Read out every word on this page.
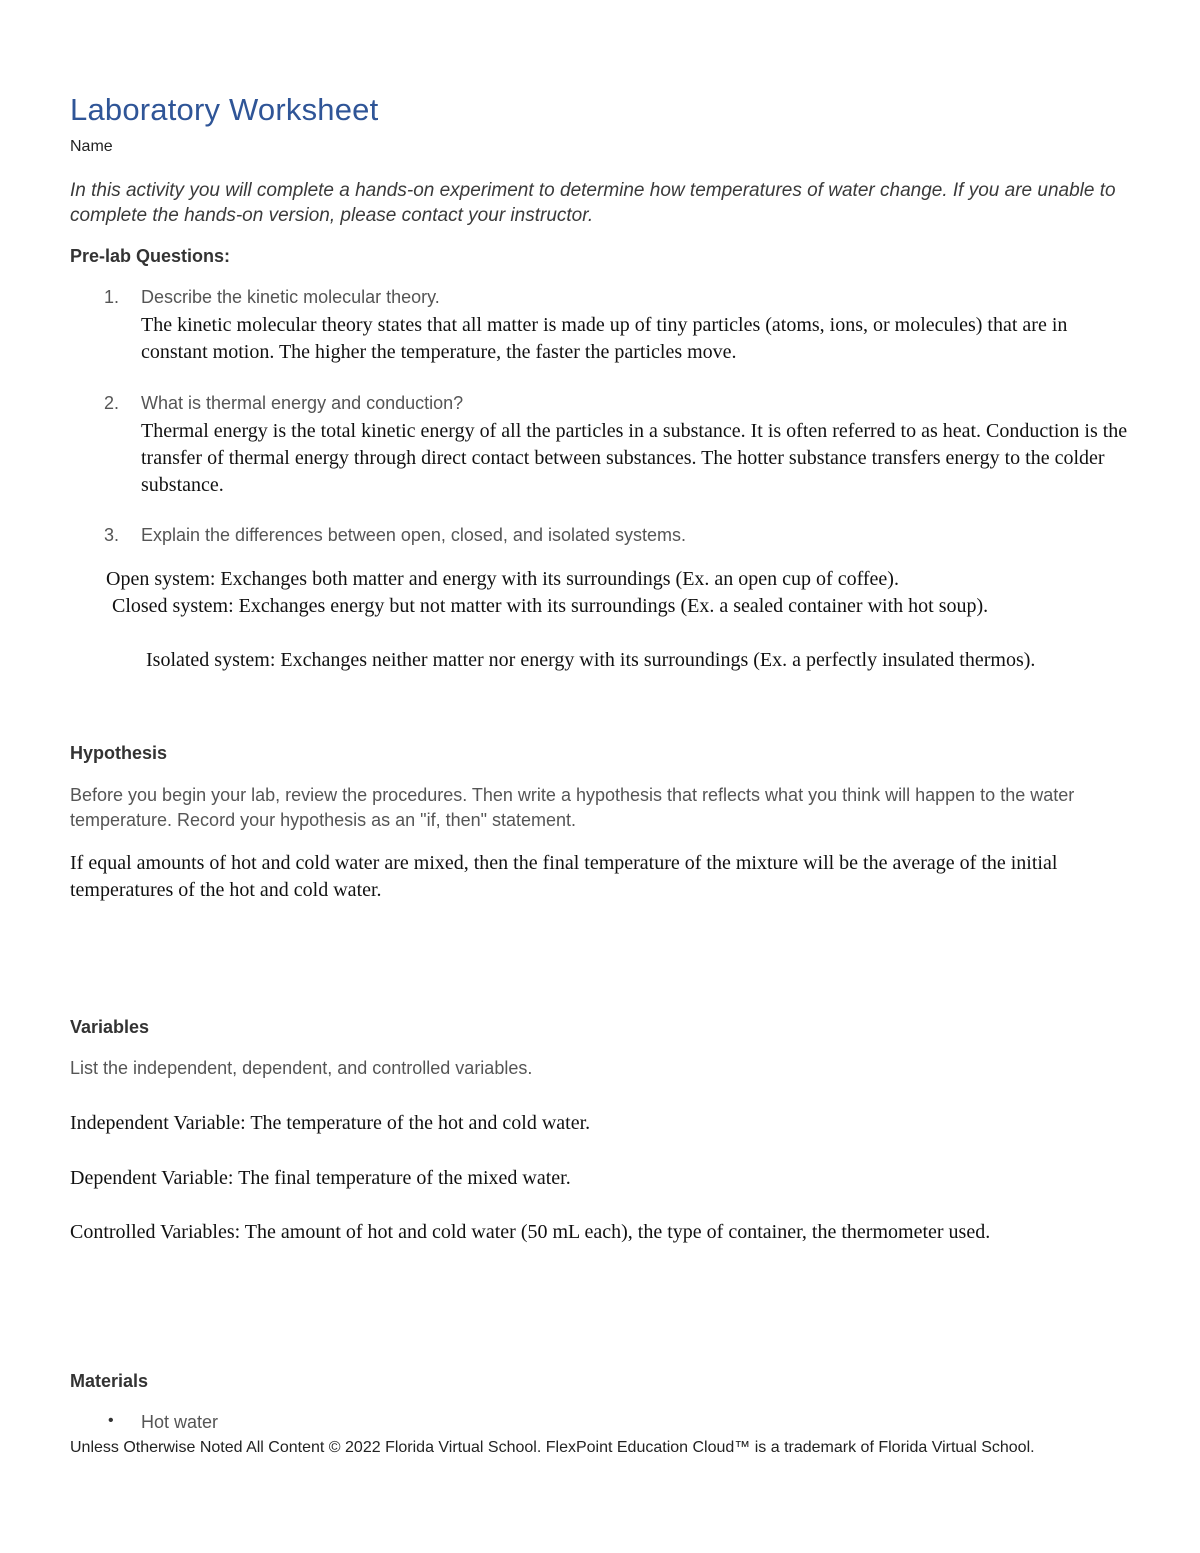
Laboratory Worksheet
Name
In this activity you will complete a hands-on experiment to determine how temperatures of water change. If you are unable to complete the hands-on version, please contact your instructor.
Pre-lab Questions:
1. Describe the kinetic molecular theory.
The kinetic molecular theory states that all matter is made up of tiny particles (atoms, ions, or molecules) that are in constant motion. The higher the temperature, the faster the particles move.
2. What is thermal energy and conduction?
Thermal energy is the total kinetic energy of all the particles in a substance. It is often referred to as heat. Conduction is the transfer of thermal energy through direct contact between substances. The hotter substance transfers energy to the colder substance.
3. Explain the differences between open, closed, and isolated systems.
Open system: Exchanges both matter and energy with its surroundings (Ex. an open cup of coffee).
Closed system: Exchanges energy but not matter with its surroundings (Ex. a sealed container with hot soup).
Isolated system: Exchanges neither matter nor energy with its surroundings (Ex. a perfectly insulated thermos).
Hypothesis
Before you begin your lab, review the procedures. Then write a hypothesis that reflects what you think will happen to the water temperature. Record your hypothesis as an "if, then" statement.
If equal amounts of hot and cold water are mixed, then the final temperature of the mixture will be the average of the initial temperatures of the hot and cold water.
Variables
List the independent, dependent, and controlled variables.
Independent Variable: The temperature of the hot and cold water.
Dependent Variable: The final temperature of the mixed water.
Controlled Variables: The amount of hot and cold water (50 mL each), the type of container, the thermometer used.
Materials
• Hot water
Unless Otherwise Noted All Content © 2022 Florida Virtual School. FlexPoint Education Cloud™ is a trademark of Florida Virtual School.
